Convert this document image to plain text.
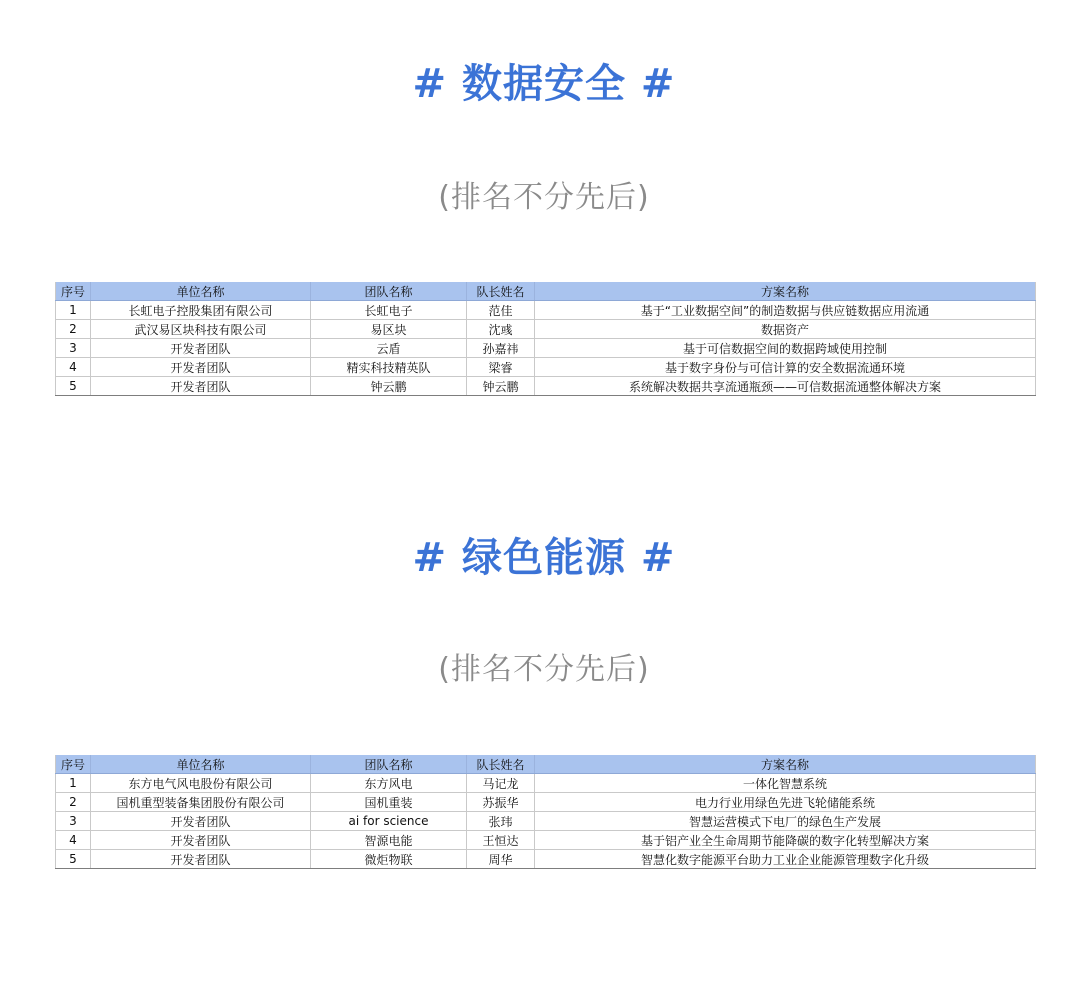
# 数据安全 #
(排名不分先后)
序号	单位名称	团队名称	队长姓名	方案名称
1	长虹电子控股集团有限公司	长虹电子	范佳	基于“工业数据空间”的制造数据与供应链数据应用流通
2	武汉易区块科技有限公司	易区块	沈彧	数据资产
3	开发者团队	云盾	孙嘉祎	基于可信数据空间的数据跨域使用控制
4	开发者团队	精实科技精英队	梁睿	基于数字身份与可信计算的安全数据流通环境
5	开发者团队	钟云鹏	钟云鹏	系统解决数据共享流通瓶颈——可信数据流通整体解决方案
# 绿色能源 #
(排名不分先后)
序号	单位名称	团队名称	队长姓名	方案名称
1	东方电气风电股份有限公司	东方风电	马记龙	一体化智慧系统
2	国机重型装备集团股份有限公司	国机重装	苏振华	电力行业用绿色先进飞轮储能系统
3	开发者团队	ai for science	张玮	智慧运营模式下电厂的绿色生产发展
4	开发者团队	智源电能	王恒达	基于铝产业全生命周期节能降碳的数字化转型解决方案
5	开发者团队	微炬物联	周华	智慧化数字能源平台助力工业企业能源管理数字化升级
